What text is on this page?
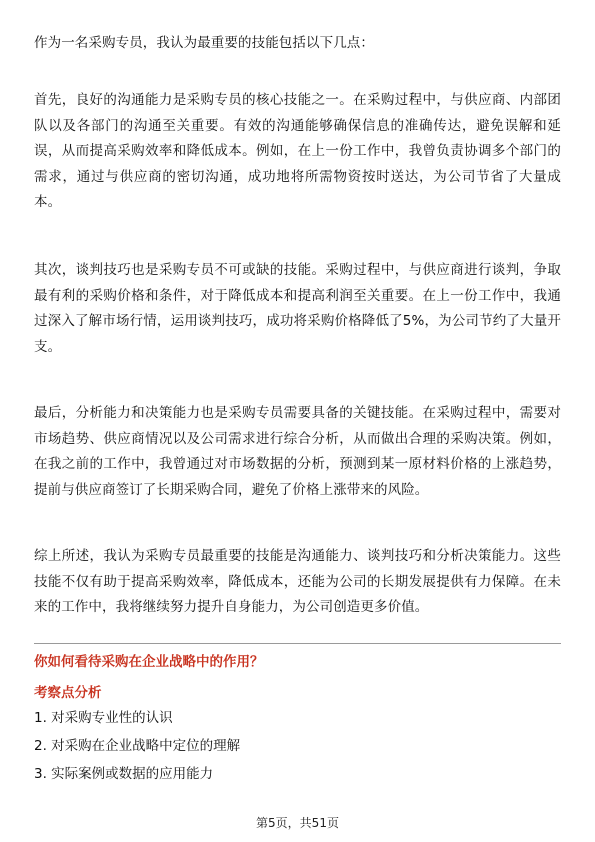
作为一名采购专员，我认为最重要的技能包括以下几点：

首先，良好的沟通能力是采购专员的核心技能之一。在采购过程中，与供应商、内部团队以及各部门的沟通至关重要。有效的沟通能够确保信息的准确传达，避免误解和延误，从而提高采购效率和降低成本。例如，在上一份工作中，我曾负责协调多个部门的需求，通过与供应商的密切沟通，成功地将所需物资按时送达，为公司节省了大量成本。

其次，谈判技巧也是采购专员不可或缺的技能。采购过程中，与供应商进行谈判，争取最有利的采购价格和条件，对于降低成本和提高利润至关重要。在上一份工作中，我通过深入了解市场行情，运用谈判技巧，成功将采购价格降低了5%，为公司节约了大量开支。

最后，分析能力和决策能力也是采购专员需要具备的关键技能。在采购过程中，需要对市场趋势、供应商情况以及公司需求进行综合分析，从而做出合理的采购决策。例如，在我之前的工作中，我曾通过对市场数据的分析，预测到某一原材料价格的上涨趋势，提前与供应商签订了长期采购合同，避免了价格上涨带来的风险。

综上所述，我认为采购专员最重要的技能是沟通能力、谈判技巧和分析决策能力。这些技能不仅有助于提高采购效率，降低成本，还能为公司的长期发展提供有力保障。在未来的工作中，我将继续努力提升自身能力，为公司创造更多价值。

你如何看待采购在企业战略中的作用？

考察点分析

1. 对采购专业性的认识

2. 对采购在企业战略中定位的理解

3. 实际案例或数据的应用能力

第5页，共51页
